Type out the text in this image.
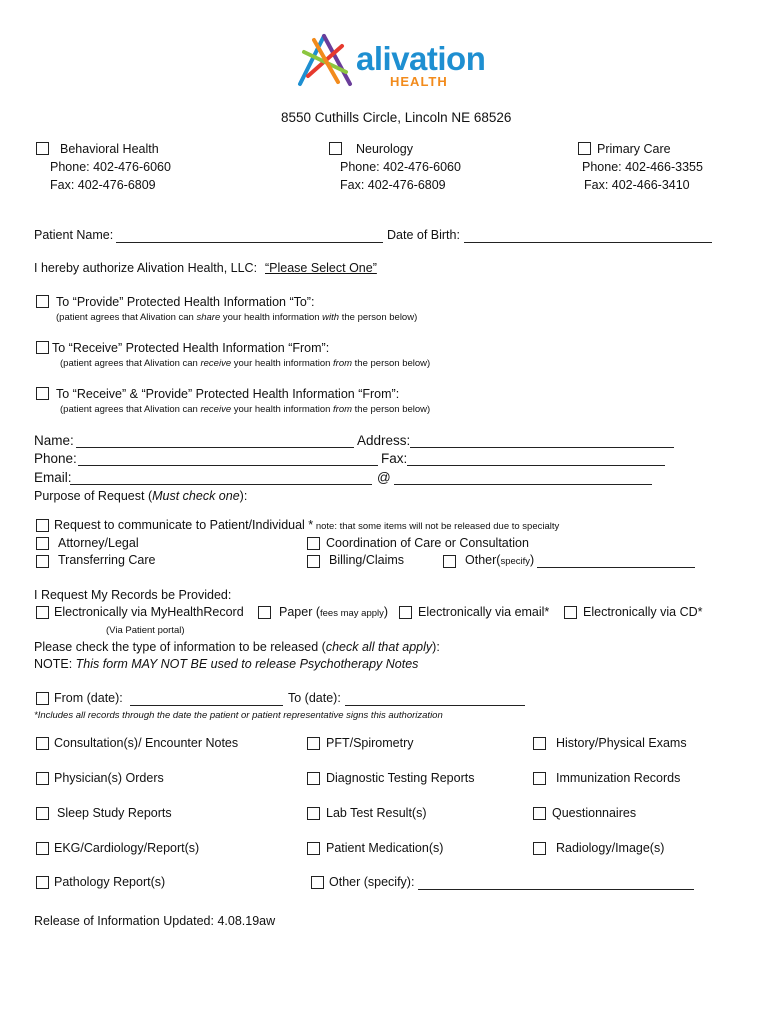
alivation
HEALTH
8550 Cuthills Circle, Lincoln NE 68526
Behavioral Health
Phone: 402-476-6060
Fax: 402-476-6809
Neurology
Phone: 402-476-6060
Fax: 402-476-6809
Primary Care
Phone: 402-466-3355
Fax: 402-466-3410
Patient Name:	Date of Birth:
I hereby authorize Alivation Health, LLC: “Please Select One”
To “Provide” Protected Health Information “To”:
(patient agrees that Alivation can share your health information with the person below)
To “Receive” Protected Health Information “From”:
(patient agrees that Alivation can receive your health information from the person below)
To “Receive” & “Provide” Protected Health Information “From”:
(patient agrees that Alivation can receive your health information from the person below)
Name:	Address:
Phone:	Fax:
Email:	@
Purpose of Request (Must check one):
Request to communicate to Patient/Individual * note: that some items will not be released due to specialty
Attorney/Legal	Coordination of Care or Consultation
Transferring Care	Billing/Claims	Other(specify)
I Request My Records be Provided:
Electronically via MyHealthRecord	Paper (fees may apply) Electronically via email*	Electronically via CD*
(Via Patient portal)
Please check the type of information to be released (check all that apply):
NOTE: This form MAY NOT BE used to release Psychotherapy Notes
From (date):	To (date):
*Includes all records through the date the patient or patient representative signs this authorization
Consultation(s)/ Encounter Notes	PFT/Spirometry	History/Physical Exams
Physician(s) Orders	Diagnostic Testing Reports	Immunization Records
Sleep Study Reports	Lab Test Result(s)	Questionnaires
EKG/Cardiology/Report(s)	Patient Medication(s)	Radiology/Image(s)
Pathology Report(s)	Other (specify):
Release of Information Updated: 4.08.19aw
